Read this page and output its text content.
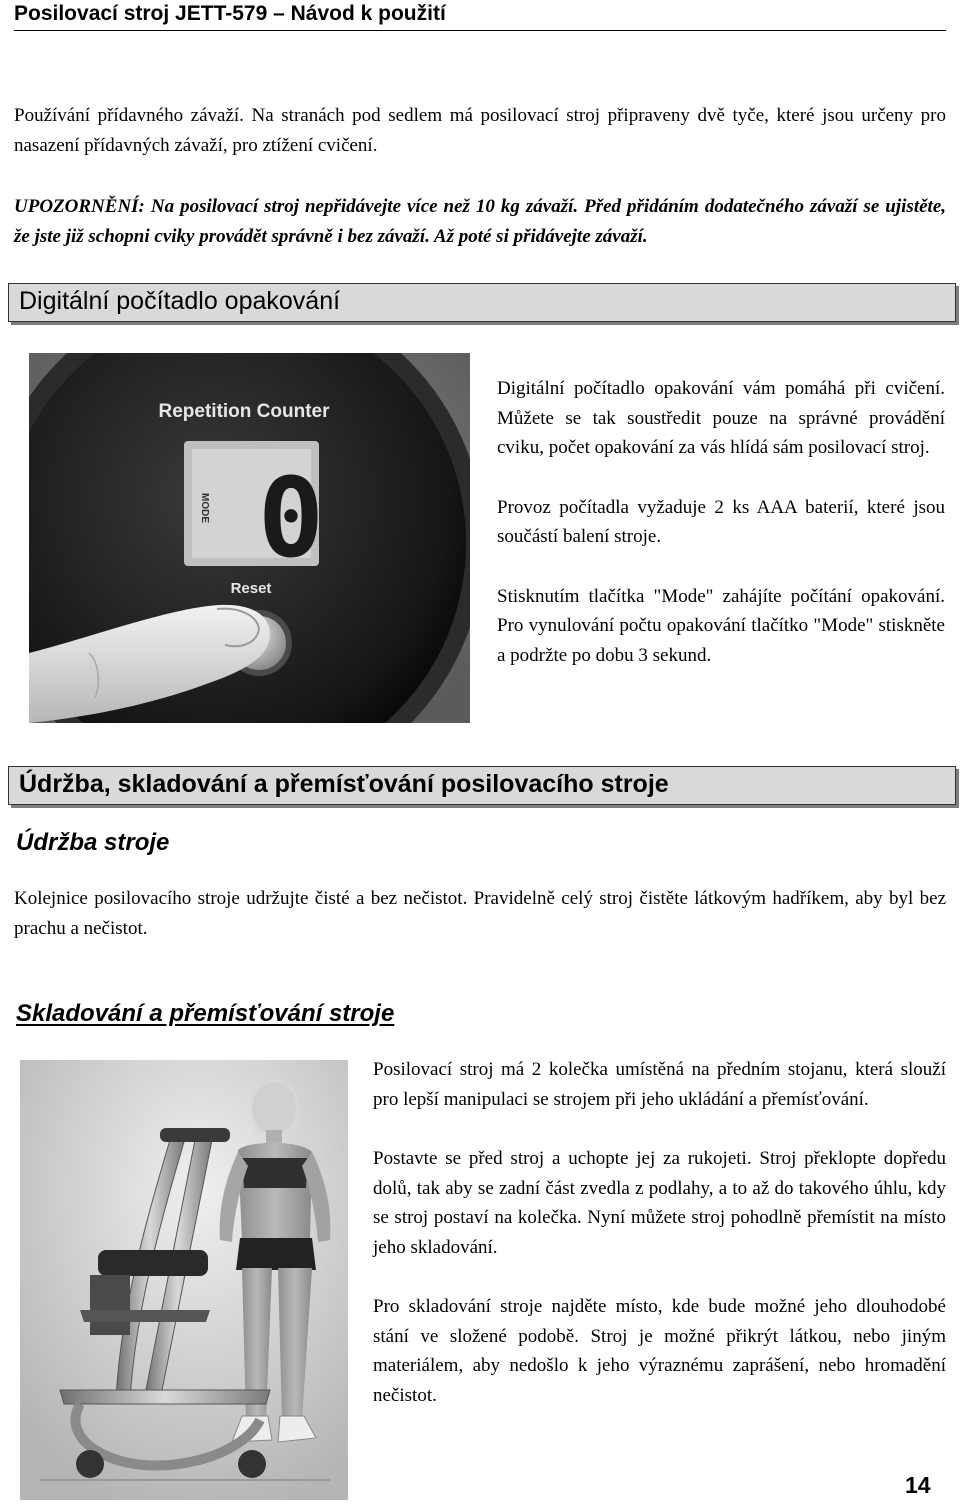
Posilovací stroj JETT-579 – Návod k použití
Používání přídavného závaží. Na stranách pod sedlem má posilovací stroj připraveny dvě tyče, které jsou určeny pro nasazení přídavných závaží, pro ztížení cvičení.
UPOZORNĚNÍ: Na posilovací stroj nepřidávejte více než 10 kg závaží. Před přidáním dodatečného závaží se ujistěte, že jste již schopni cviky provádět správně i bez závaží. Až poté si přidávejte závaží.
Digitální počítadlo opakování
Repetition Counter
0
MODE
Reset

Digitální počítadlo opakování vám pomáhá při cvičení. Můžete se tak soustředit pouze na správné provádění cviku, počet opakování za vás hlídá sám posilovací stroj.

Provoz počítadla vyžaduje 2 ks AAA baterií, které jsou součástí balení stroje.

Stisknutím tlačítka "Mode" zahájíte počítání opakování. Pro vynulování počtu opakování tlačítko "Mode" stiskněte a podržte po dobu 3 sekund.

Údržba, skladování a přemísťování posilovacího stroje
Údržba stroje
Kolejnice posilovacího stroje udržujte čisté a bez nečistot. Pravidelně celý stroj čistěte látkovým hadříkem, aby byl bez prachu a nečistot.
Skladování a přemísťování stroje

Posilovací stroj má 2 kolečka umístěná na předním stojanu, která slouží pro lepší manipulaci se strojem při jeho ukládání a přemísťování.

Postavte se před stroj a uchopte jej za rukojeti. Stroj překlopte dopředu dolů, tak aby se zadní část zvedla z podlahy, a to až do takového úhlu, kdy se stroj postaví na kolečka. Nyní můžete stroj pohodlně přemístit na místo jeho skladování.

Pro skladování stroje najděte místo, kde bude možné jeho dlouhodobé stání ve složené podobě. Stroj je možné přikrýt látkou, nebo jiným materiálem, aby nedošlo k jeho výraznému zaprášení, nebo hromadění nečistot.

14
